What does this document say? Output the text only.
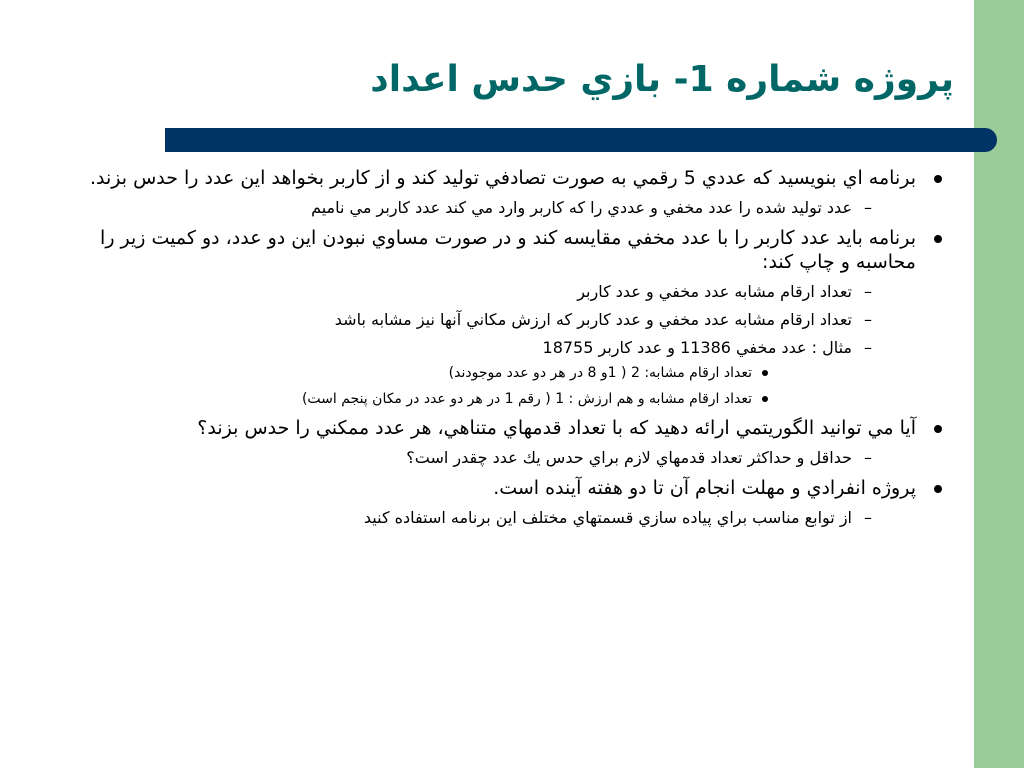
پروژه شماره 1- بازي حدس اعداد
برنامه اي بنويسيد كه عددي 5 رقمي به صورت تصادفي توليد كند و از كاربر بخواهد اين عدد را حدس بزند.
–
عدد توليد شده را عدد مخفي و عددي را كه كاربر وارد مي كند عدد كاربر مي ناميم
برنامه بايد عدد كاربر را با عدد مخفي مقايسه كند و در صورت مساوي نبودن اين دو عدد، دو كميت زير را محاسبه و چاپ كند:
–
تعداد ارقام مشابه عدد مخفي و عدد كاربر
–
تعداد ارقام مشابه عدد مخفي و عدد كاربر كه ارزش مكاني آنها نيز مشابه باشد
–
مثال : عدد مخفي 11386 و عدد كاربر 18755
تعداد ارقام مشابه: 2 ( 1و 8 در هر دو عدد موجودند)
تعداد ارقام مشابه و هم ارزش : 1 ( رقم 1 در هر دو عدد در مكان پنجم است)
آيا مي توانيد الگوريتمي ارائه دهيد كه با تعداد قدمهاي متناهي، هر عدد ممكني را حدس بزند؟
–
حداقل و حداكثر تعداد قدمهاي لازم براي حدس يك عدد چقدر است؟
پروژه انفرادي و مهلت انجام آن تا دو هفته آينده است.
–
از توابع مناسب براي پياده سازي قسمتهاي مختلف اين برنامه استفاده كنيد
